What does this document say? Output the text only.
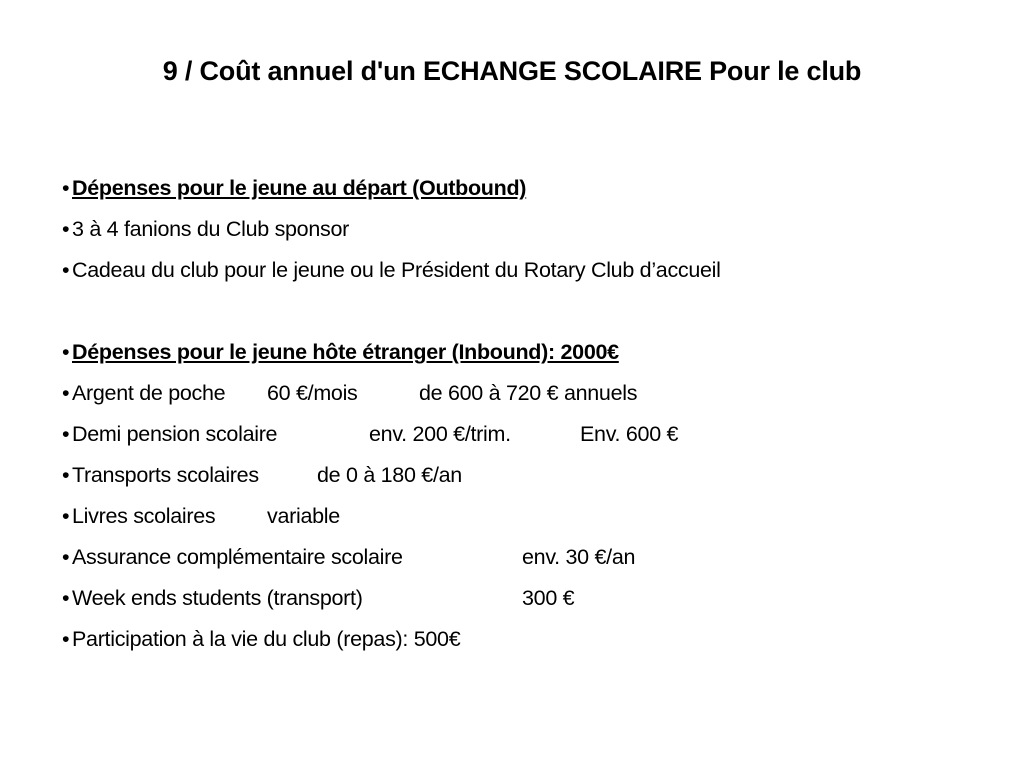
9 / Coût annuel d'un ECHANGE SCOLAIRE Pour le club
• Dépenses pour le jeune au départ (Outbound)
• 3 à 4 fanions du Club sponsor
• Cadeau du club pour le jeune ou le Président du Rotary Club d’accueil
• Dépenses pour le jeune hôte étranger (Inbound): 2000€
• Argent de poche	60 €/mois	de 600 à 720 € annuels
• Demi pension scolaire	env. 200 €/trim.	Env. 600 €
• Transports scolaires	de 0 à 180 €/an
• Livres scolaires	variable
• Assurance complémentaire scolaire	env. 30 €/an
• Week ends students (transport)	300 €
• Participation à la vie du club (repas): 500€
